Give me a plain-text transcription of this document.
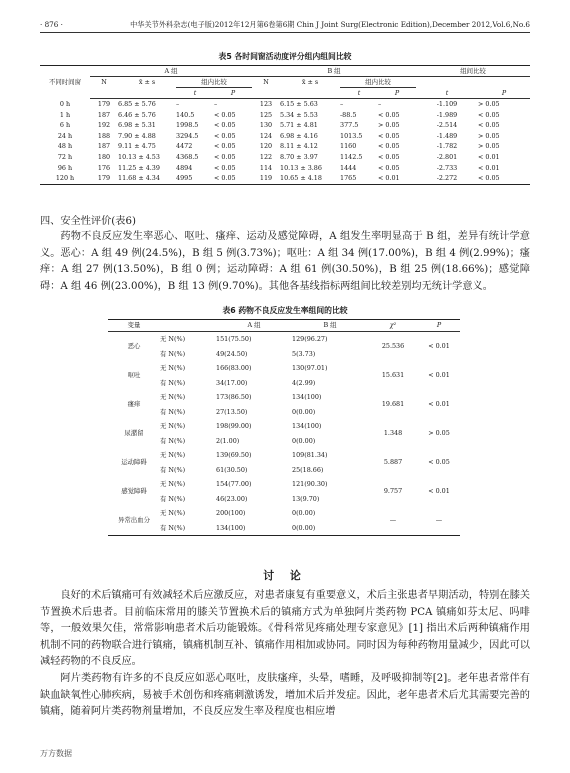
· 876 ·	中华关节外科杂志(电子版)2012年12月第6卷第6期 Chin J Joint Surg(Electronic Edition),December 2012,Vol.6,No.6
表5 各时间窗活动度评分组内组间比较
不同时间窗	A 组				B 组				组间比较	
	N	x̄ ± s	组内比较		N	x̄ ± s	组内比较			
			t	P			t	P	t	P
0 h	179	6.85 ± 5.76	–	–	123	6.15 ± 5.63	–	–	-1.109	> 0.05
1 h	187	6.46 ± 5.76	140.5	< 0.05	125	5.34 ± 5.53	-88.5	< 0.05	-1.989	< 0.05
6 h	192	6.98 ± 5.31	1998.5	< 0.05	130	5.71 ± 4.81	377.5	> 0.05	-2.514	< 0.05
24 h	188	7.90 ± 4.88	3294.5	< 0.05	124	6.98 ± 4.16	1013.5	< 0.05	-1.489	> 0.05
48 h	187	9.11 ± 4.75	4472	< 0.05	120	8.11 ± 4.12	1160	< 0.05	-1.782	> 0.05
72 h	180	10.13 ± 4.53	4368.5	< 0.05	122	8.70 ± 3.97	1142.5	< 0.05	-2.801	< 0.01
96 h	176	11.25 ± 4.39	4894	< 0.05	114	10.13 ± 3.86	1444	< 0.05	-2.733	< 0.01
120 h	179	11.68 ± 4.34	4995	< 0.05	119	10.65 ± 4.18	1765	< 0.01	-2.272	< 0.05
四、安全性评价(表6)
药物不良反应发生率恶心、呕吐、瘙痒、运动及感觉障碍，A 组发生率明显高于 B 组，差异有统计学意义。恶心：A 组 49 例(24.5%)，B 组 5 例(3.73%)；呕吐：A 组 34 例(17.00%)，B 组 4 例(2.99%)；瘙痒：A 组 27 例(13.50%)，B 组 0 例；运动障碍：A 组 61 例(30.50%)，B 组 25 例(18.66%)；感觉障碍：A 组 46 例(23.00%)，B 组 13 例(9.70%)。其他各基线指标两组间比较差别均无统计学意义。
表6 药物不良反应发生率组间的比较
变量		A 组	B 组	χ²	P
恶心	无 N(%)	151(75.50)	129(96.27)	25.536	< 0.01
	有 N(%)	49(24.50)	5(3.73)		
呕吐	无 N(%)	166(83.00)	130(97.01)	15.631	< 0.01
	有 N(%)	34(17.00)	4(2.99)		
瘙痒	无 N(%)	173(86.50)	134(100)	19.681	< 0.01
	有 N(%)	27(13.50)	0(0.00)		
尿潴留	无 N(%)	198(99.00)	134(100)	1.348	> 0.05
	有 N(%)	2(1.00)	0(0.00)		
运动障碍	无 N(%)	139(69.50)	109(81.34)	5.887	< 0.05
	有 N(%)	61(30.50)	25(18.66)		
感觉障碍	无 N(%)	154(77.00)	121(90.30)	9.757	< 0.01
	有 N(%)	46(23.00)	13(9.70)		
异常出血分	无 N(%)	200(100)	0(0.00)	—	—
	有 N(%)	134(100)	0(0.00)		
讨 论
良好的术后镇痛可有效减轻术后应激反应，对患者康复有重要意义，术后主张患者早期活动，特别在膝关节置换术后患者。目前临床常用的膝关节置换术后的镇痛方式为单独阿片类药物 PCA 镇痛如芬太尼、吗啡等，一般效果欠佳，常常影响患者术后功能锻炼。《骨科常见疼痛处理专家意见》[1] 指出术后两种镇痛作用机制不同的药物联合进行镇痛，镇痛机制互补、镇痛作用相加或协同。同时因为每种药物用量减少，因此可以减轻药物的不良反应。
阿片类药物有许多的不良反应如恶心呕吐，皮肤瘙痒，头晕，嗜睡，及呼吸抑制等[2]。老年患者常伴有缺血缺氧性心肺疾病，易被手术创伤和疼痛刺激诱发，增加术后并发症。因此，老年患者术后尤其需要完善的镇痛，随着阿片类药物剂量增加，不良反应发生率及程度也相应增
万方数据
